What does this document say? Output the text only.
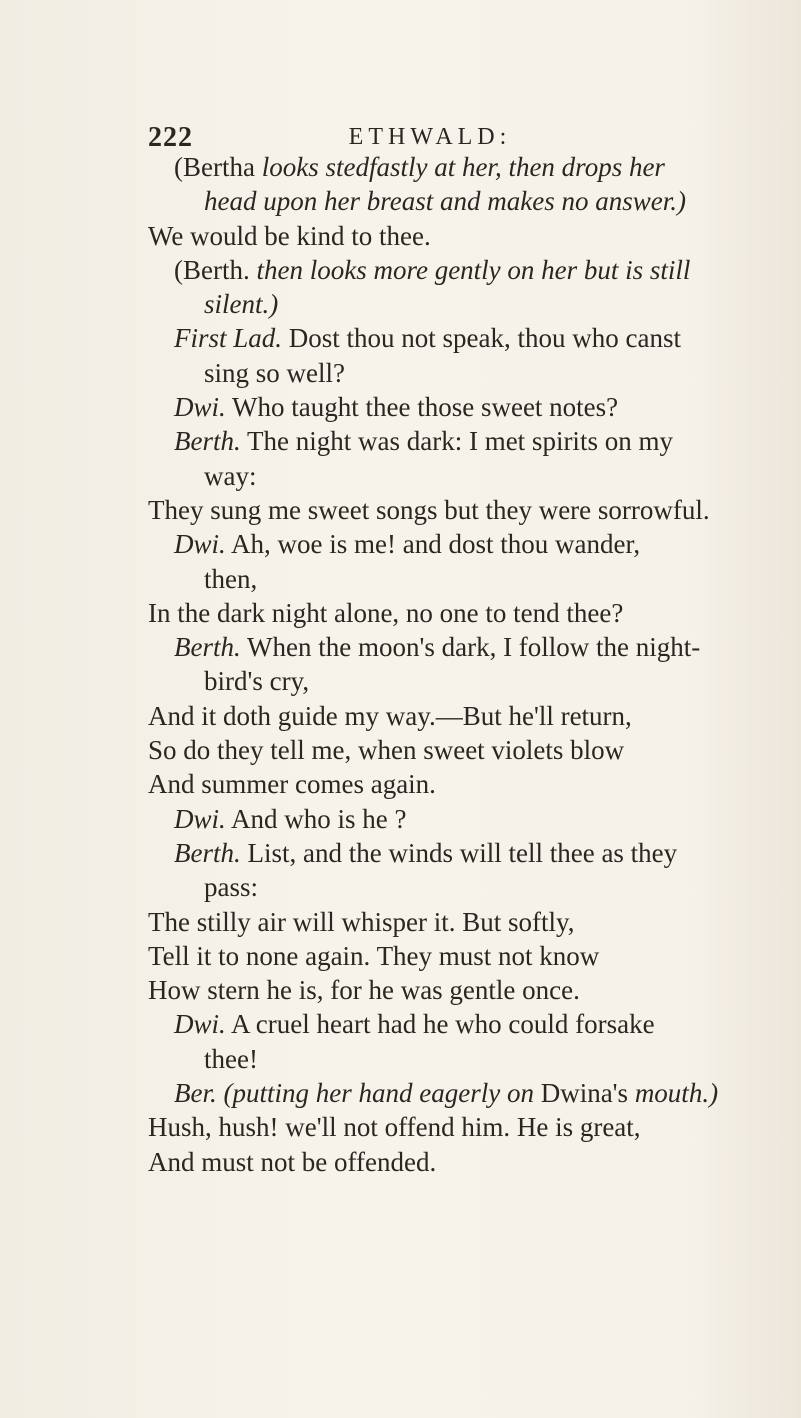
222	ETHWALD:
(Bertha looks stedfastly at her, then drops her
head upon her breast and makes no answer.)
We would be kind to thee.
(Berth. then looks more gently on her but is still
silent.)
First Lad. Dost thou not speak, thou who canst
sing so well?
Dwi. Who taught thee those sweet notes?
Berth. The night was dark: I met spirits on my
way:
They sung me sweet songs but they were sorrowful.
Dwi. Ah, woe is me! and dost thou wander,
then,
In the dark night alone, no one to tend thee?
Berth. When the moon's dark, I follow the night-
bird's cry,
And it doth guide my way.—But he'll return,
So do they tell me, when sweet violets blow
And summer comes again.
Dwi. And who is he ?
Berth. List, and the winds will tell thee as they
pass:
The stilly air will whisper it. But softly,
Tell it to none again. They must not know
How stern he is, for he was gentle once.
Dwi. A cruel heart had he who could forsake
thee!
Ber. (putting her hand eagerly on Dwina's mouth.)
Hush, hush! we'll not offend him. He is great,
And must not be offended.
